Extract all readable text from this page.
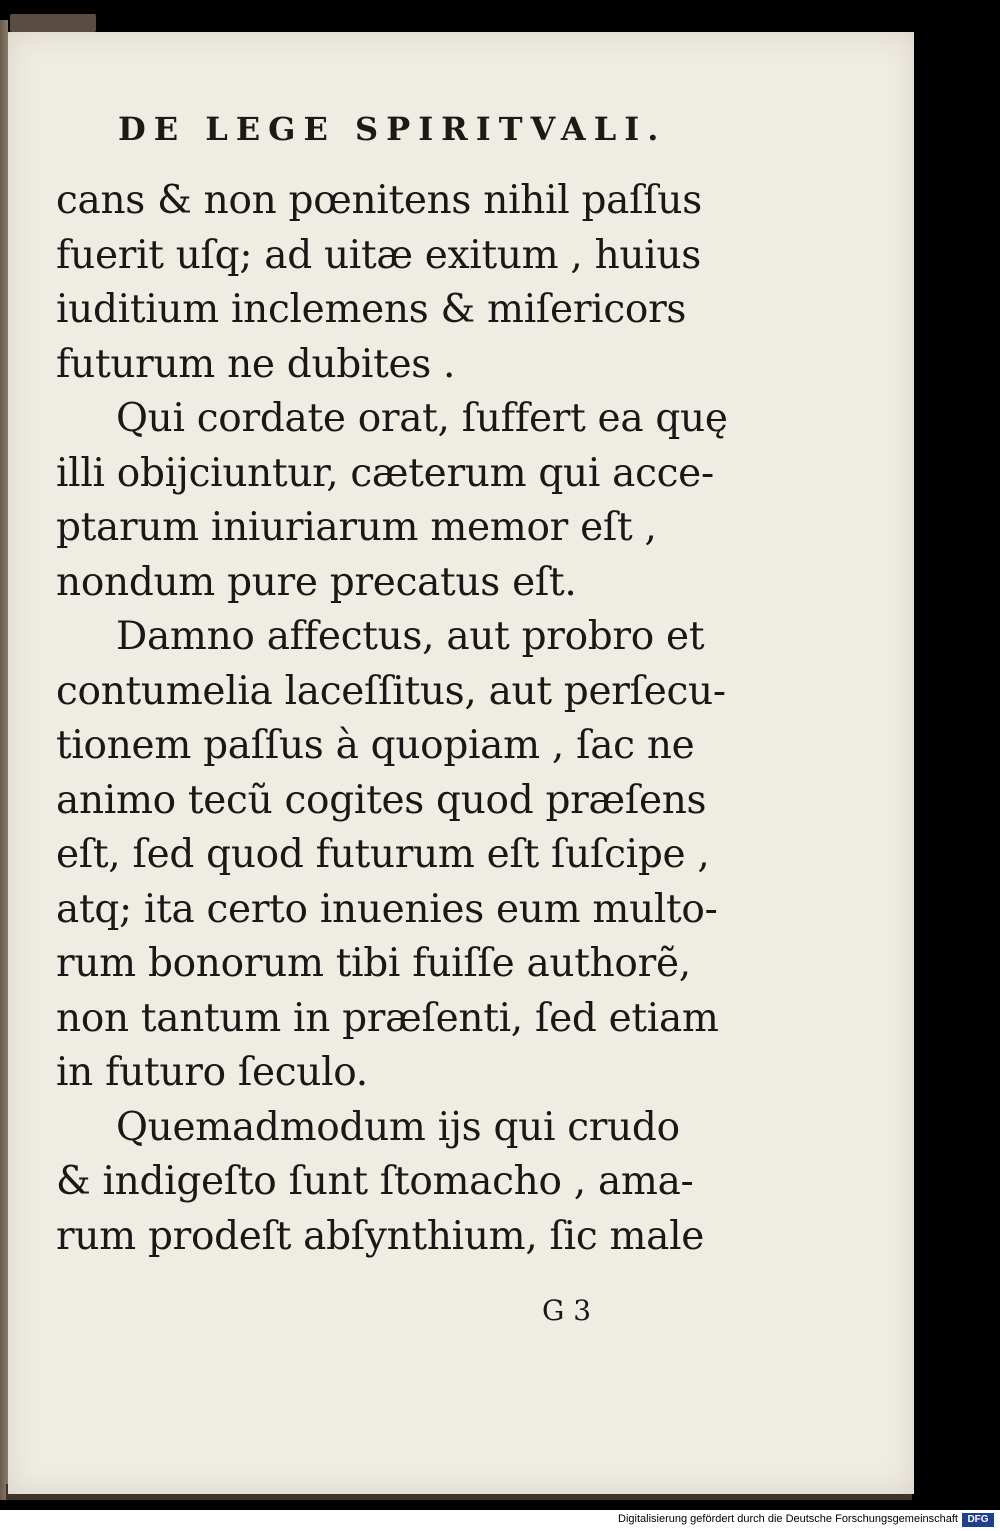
DE LEGE SPIRITVALI.
cans & non pœnitens nihil paſſus
fuerit uſq; ad uitæ exitum , huius
iuditium inclemens & miſericors
futurum ne dubites .
Qui cordate orat, ſuffert ea quę
illi obijciuntur, cæterum qui acce-
ptarum iniuriarum memor eſt ,
nondum pure precatus eſt.
Damno affectus, aut probro et
contumelia laceſſitus, aut perſecu-
tionem paſſus à quopiam , ſac ne
animo tecũ cogites quod præſens
eſt, ſed quod futurum eſt ſuſcipe ,
atq; ita certo inuenies eum multo-
rum bonorum tibi fuiſſe authorẽ,
non tantum in præſenti, ſed etiam
in futuro ſeculo.
Quemadmodum ijs qui crudo
& indigeſto ſunt ſtomacho , ama-
rum prodeſt abſynthium, ſic male

G 3

Digitalisierung gefördert durch die Deutsche Forschungsgemeinschaft DFG
